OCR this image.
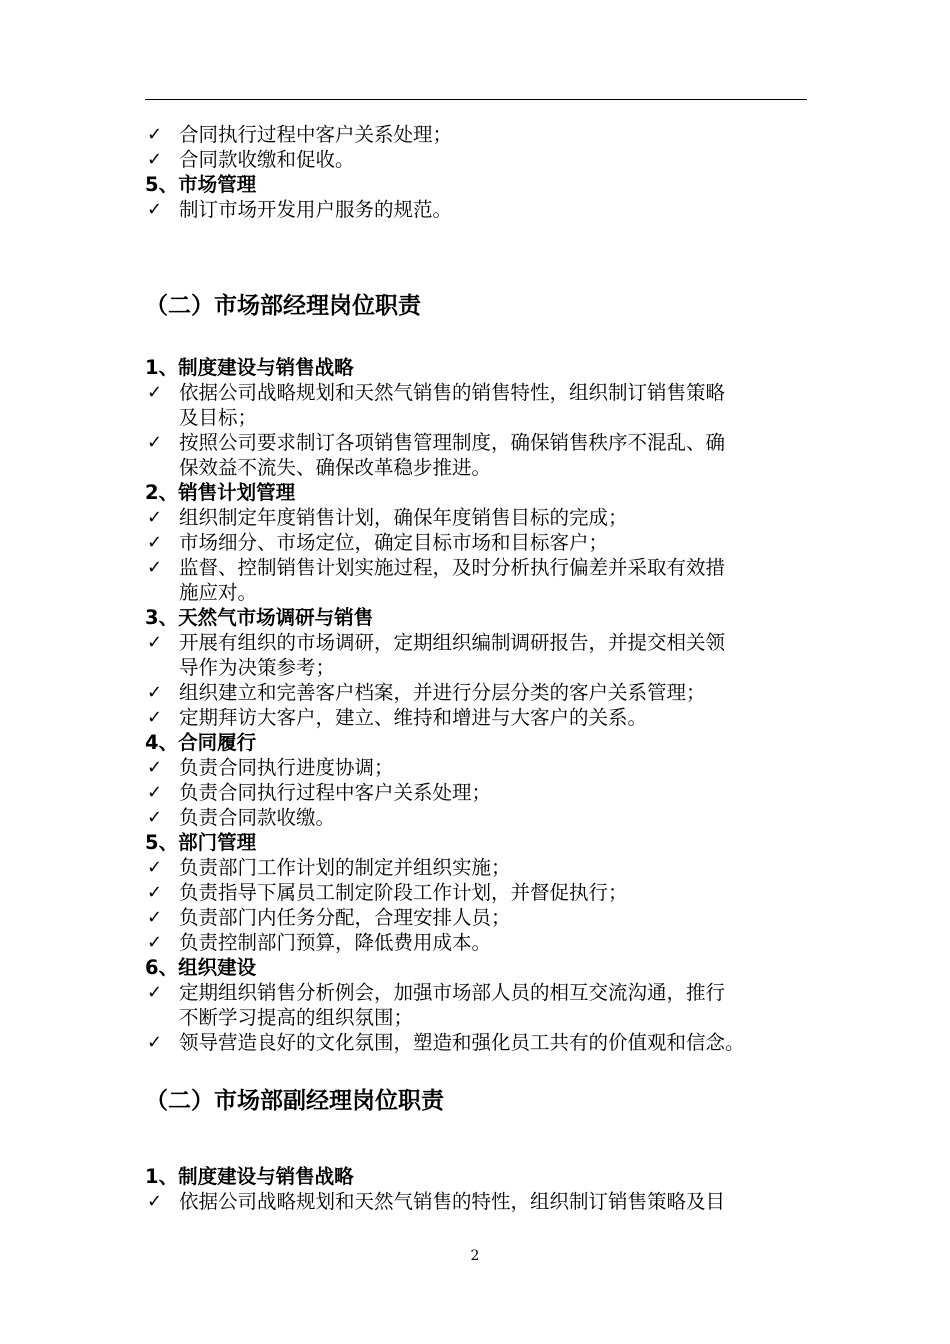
✓ 合同执行过程中客户关系处理；
✓ 合同款收缴和促收。
5、市场管理
✓ 制订市场开发用户服务的规范。
（二）市场部经理岗位职责
1、制度建设与销售战略
✓ 依据公司战略规划和天然气销售的销售特性，组织制订销售策略
及目标；
✓ 按照公司要求制订各项销售管理制度，确保销售秩序不混乱、确
保效益不流失、确保改革稳步推进。
2、销售计划管理
✓ 组织制定年度销售计划，确保年度销售目标的完成；
✓ 市场细分、市场定位，确定目标市场和目标客户；
✓ 监督、控制销售计划实施过程，及时分析执行偏差并采取有效措
施应对。
3、天然气市场调研与销售
✓ 开展有组织的市场调研，定期组织编制调研报告，并提交相关领
导作为决策参考；
✓ 组织建立和完善客户档案，并进行分层分类的客户关系管理；
✓ 定期拜访大客户，建立、维持和增进与大客户的关系。
4、合同履行
✓ 负责合同执行进度协调；
✓ 负责合同执行过程中客户关系处理；
✓ 负责合同款收缴。
5、部门管理
✓ 负责部门工作计划的制定并组织实施；
✓ 负责指导下属员工制定阶段工作计划，并督促执行；
✓ 负责部门内任务分配，合理安排人员；
✓ 负责控制部门预算，降低费用成本。
6、组织建设
✓ 定期组织销售分析例会，加强市场部人员的相互交流沟通，推行
不断学习提高的组织氛围；
✓ 领导营造良好的文化氛围，塑造和强化员工共有的价值观和信念。
（二）市场部副经理岗位职责
1、制度建设与销售战略
✓ 依据公司战略规划和天然气销售的特性，组织制订销售策略及目
2
